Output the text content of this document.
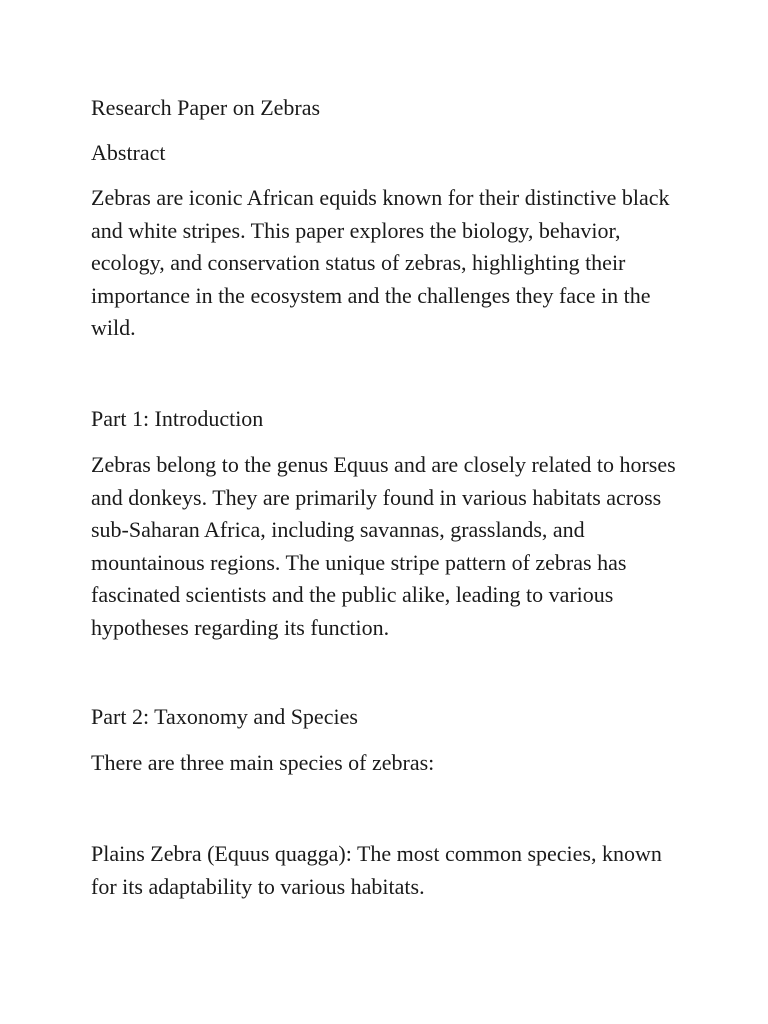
Research Paper on Zebras

Abstract

Zebras are iconic African equids known for their distinctive black and white stripes. This paper explores the biology, behavior, ecology, and conservation status of zebras, highlighting their importance in the ecosystem and the challenges they face in the wild.

Part 1: Introduction

Zebras belong to the genus Equus and are closely related to horses and donkeys. They are primarily found in various habitats across sub-Saharan Africa, including savannas, grasslands, and mountainous regions. The unique stripe pattern of zebras has fascinated scientists and the public alike, leading to various hypotheses regarding its function.

Part 2: Taxonomy and Species

There are three main species of zebras:

Plains Zebra (Equus quagga): The most common species, known for its adaptability to various habitats.
